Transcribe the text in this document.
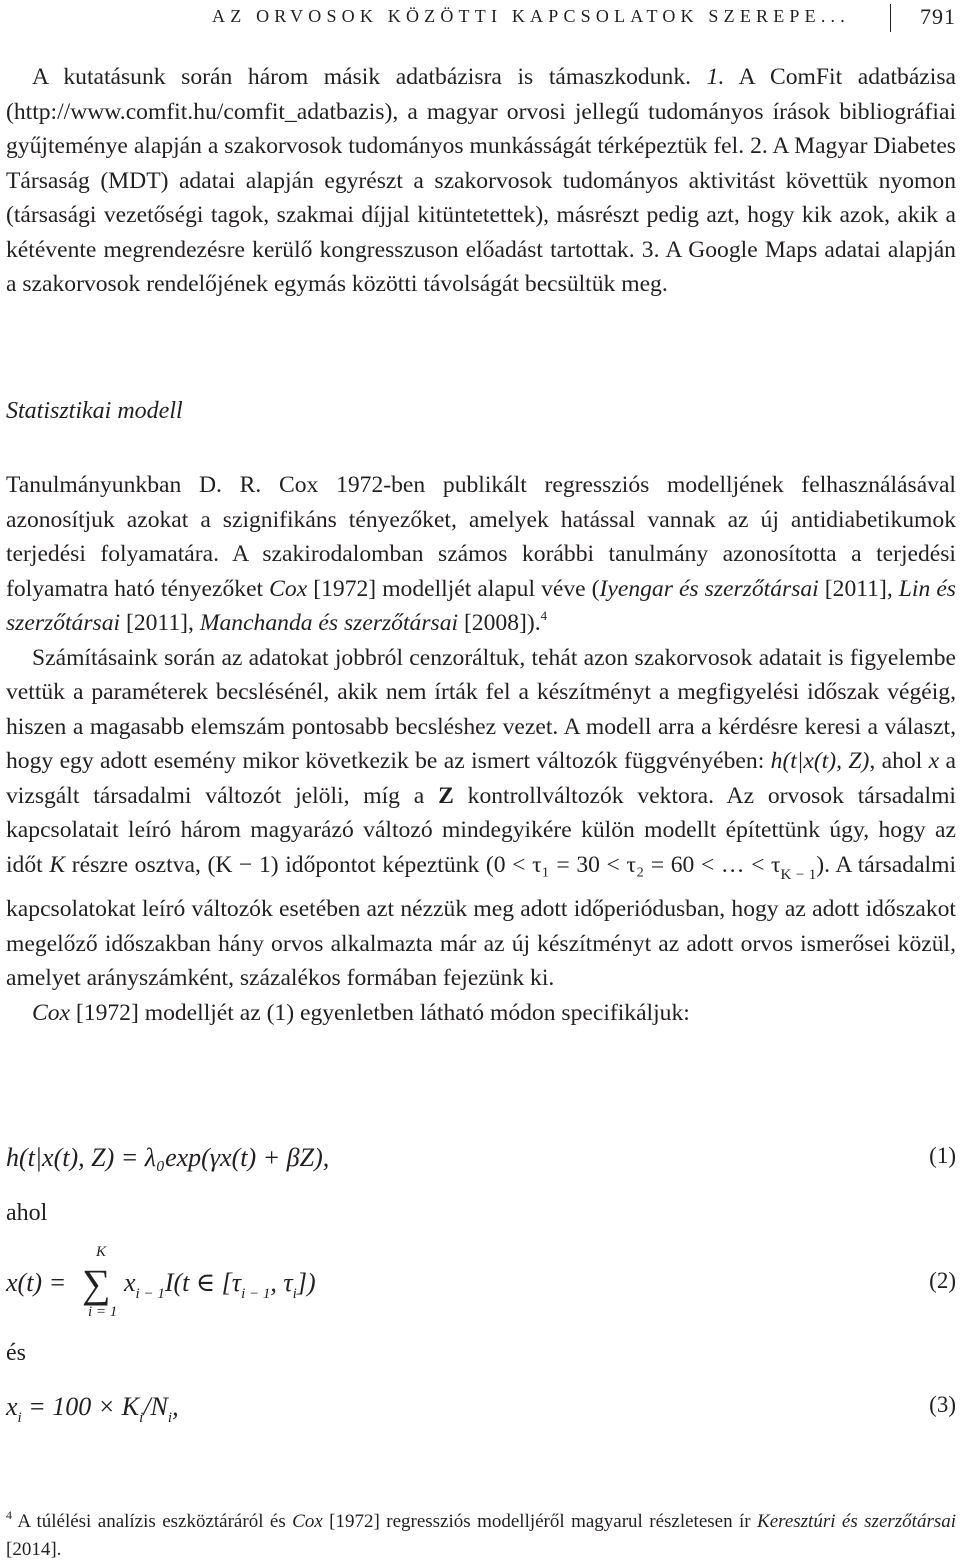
AZ ORVOSOK KÖZÖTTI KAPCSOLATOK SZEREPE...	791

A kutatásunk során három másik adatbázisra is támaszkodunk. 1. A ComFit adatbázisa (http://www.comfit.hu/comfit_adatbazis), a magyar orvosi jellegű tudományos írások bibliográfiai gyűjteménye alapján a szakorvosok tudományos munkásságát térképeztük fel. 2. A Magyar Diabetes Társaság (MDT) adatai alapján egyrészt a szakorvosok tudományos aktivitást követtük nyomon (társasági vezetőségi tagok, szakmai díjjal kitüntetettek), másrészt pedig azt, hogy kik azok, akik a kétévente megrendezésre kerülő kongresszuson előadást tartottak. 3. A Google Maps adatai alapján a szakorvosok rendelőjének egymás közötti távolságát becsültük meg.

Statisztikai modell

Tanulmányunkban D. R. Cox 1972-ben publikált regressziós modelljének felhasználásával azonosítjuk azokat a szignifikáns tényezőket, amelyek hatással vannak az új antidiabetikumok terjedési folyamatára. A szakirodalomban számos korábbi tanulmány azonosította a terjedési folyamatra ható tényezőket Cox [1972] modelljét alapul véve (Iyengar és szerzőtársai [2011], Lin és szerzőtársai [2011], Manchanda és szerzőtársai [2008]).$^4$

Számításaink során az adatokat jobbról cenzoráltuk, tehát azon szakorvosok adatait is figyelembe vettük a paraméterek becslésénél, akik nem írták fel a készítményt a megfigyelési időszak végéig, hiszen a magasabb elemszám pontosabb becsléshez vezet. A modell arra a kérdésre keresi a választ, hogy egy adott esemény mikor következik be az ismert változók függvényében: h(t|x(t), Z), ahol x a vizsgált társadalmi változót jelöli, míg a Z kontrollváltozók vektora. Az orvosok társadalmi kapcsolatait leíró három magyarázó változó mindegyikére külön modellt építettünk úgy, hogy az időt K részre osztva, (K − 1) időpontot képeztünk (0 < τ₁ = 30 < τ₂ = 60 < … < $\tau_{K - 1}$). A társadalmi kapcsolatokat leíró változók esetében azt nézzük meg adott időperiódusban, hogy az adott időszakot megelőző időszakban hány orvos alkalmazta már az új készítményt az adott orvos ismerősei közül, amelyet arányszámként, százalékos formában fejezünk ki.

Cox [1972] modelljét az (1) egyenletben látható módon specifikáljuk:

h(t|x(t), Z) = λ₀exp(γx(t) + βZ),	(1)
ahol
x(t) =
K
∑
i = 1
$x_{i - 1}I(t$ ∈ [$\tau_{i - 1}$, $\tau_i$])	(2)
és
$x_i = 100 \times K_i/N_i$,	(3)
$^4$ A túlélési analízis eszköztáráról és Cox [1972] regressziós modelljéről magyarul részletesen ír Keresztúri és szerzőtársai [2014].
